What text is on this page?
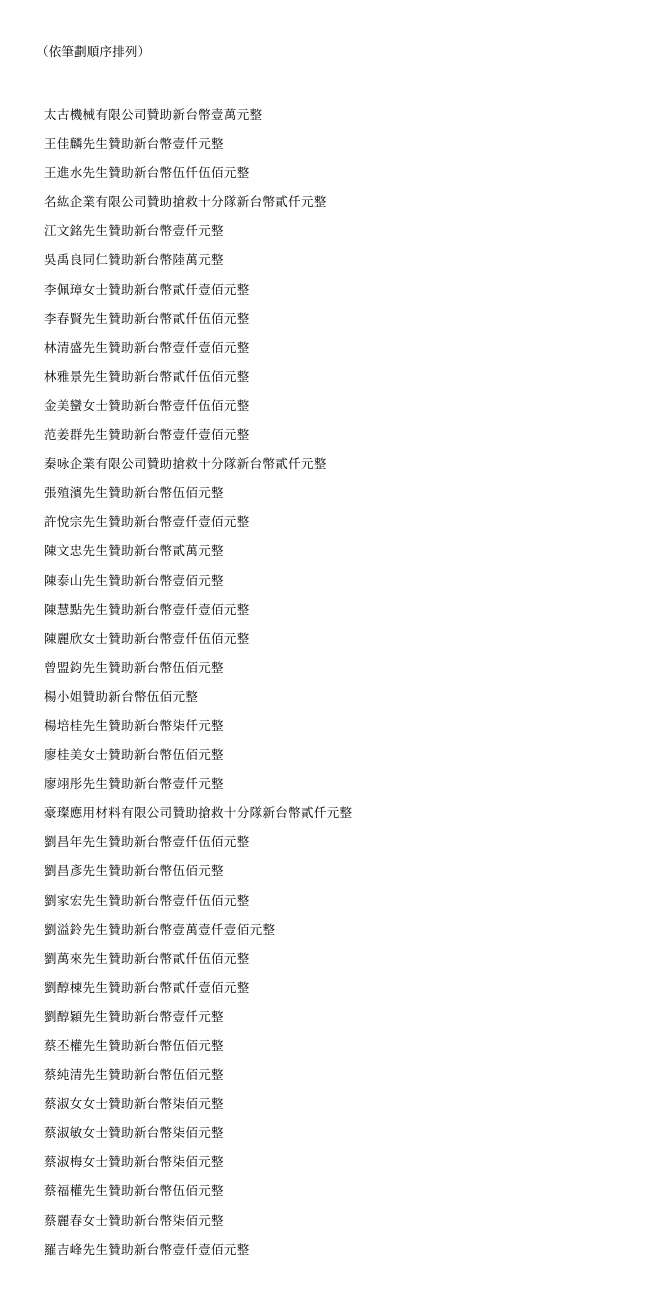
（依筆劃順序排列）
太古機械有限公司贊助新台幣壹萬元整
王佳麟先生贊助新台幣壹仟元整
王進水先生贊助新台幣伍仟伍佰元整
名紘企業有限公司贊助搶救十分隊新台幣貳仟元整
江文銘先生贊助新台幣壹仟元整
吳禹良同仁贊助新台幣陸萬元整
李佩璋女士贊助新台幣貳仟壹佰元整
李春賢先生贊助新台幣貳仟伍佰元整
林清盛先生贊助新台幣壹仟壹佰元整
林雅景先生贊助新台幣貳仟伍佰元整
金美蠻女士贊助新台幣壹仟伍佰元整
范姜群先生贊助新台幣壹仟壹佰元整
秦咏企業有限公司贊助搶救十分隊新台幣貳仟元整
張殖濱先生贊助新台幣伍佰元整
許悅宗先生贊助新台幣壹仟壹佰元整
陳文忠先生贊助新台幣貳萬元整
陳泰山先生贊助新台幣壹佰元整
陳慧點先生贊助新台幣壹仟壹佰元整
陳麗欣女士贊助新台幣壹仟伍佰元整
曾盟鈞先生贊助新台幣伍佰元整
楊小姐贊助新台幣伍佰元整
楊培桂先生贊助新台幣柒仟元整
廖桂美女士贊助新台幣伍佰元整
廖翊彤先生贊助新台幣壹仟元整
豪璨應用材料有限公司贊助搶救十分隊新台幣貳仟元整
劉昌年先生贊助新台幣壹仟伍佰元整
劉昌彥先生贊助新台幣伍佰元整
劉家宏先生贊助新台幣壹仟伍佰元整
劉溢鈴先生贊助新台幣壹萬壹仟壹佰元整
劉萬來先生贊助新台幣貳仟伍佰元整
劉醇棟先生贊助新台幣貳仟壹佰元整
劉醇穎先生贊助新台幣壹仟元整
蔡丕權先生贊助新台幣伍佰元整
蔡純清先生贊助新台幣伍佰元整
蔡淑女女士贊助新台幣柒佰元整
蔡淑敏女士贊助新台幣柒佰元整
蔡淑梅女士贊助新台幣柒佰元整
蔡福權先生贊助新台幣伍佰元整
蔡麗春女士贊助新台幣柒佰元整
羅吉峰先生贊助新台幣壹仟壹佰元整
